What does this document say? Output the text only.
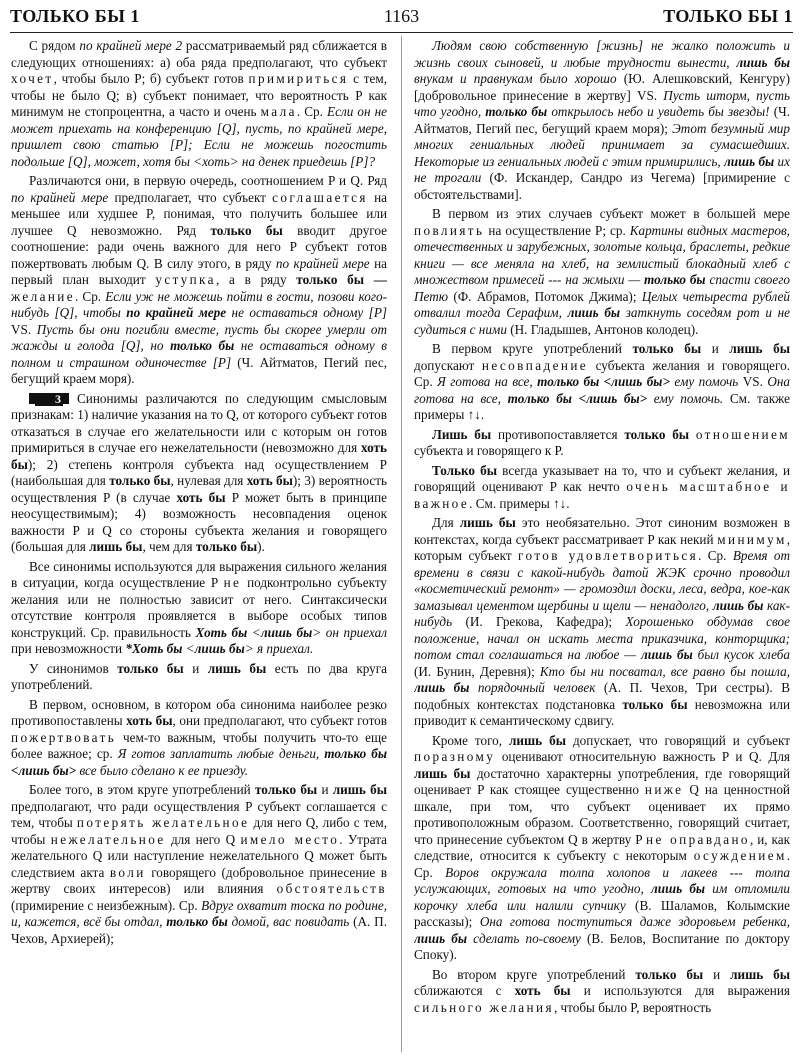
1163
ТОЛЬКО БЫ 1	ТОЛЬКО БЫ 1

С рядом по крайней мере 2 рассматриваемый ряд сближается в следующих отношениях: а) оба ряда предполагают, что субъект хочет, чтобы было P; б) субъект готов примириться с тем, чтобы не было Q; в) субъект понимает, что вероятность P как минимум не стопроцентна, а часто и очень мала. Ср. Если он не может приехать на конференцию [Q], пусть, по крайней мере, пришлет свою статью [P]; Если не можешь погостить подольше [Q], может, хотя бы <хоть> на денек приедешь [P]?

Различаются они, в первую очередь, соотношением P и Q. Ряд по крайней мере предполагает, что субъект соглашается на меньшее или худшее P, понимая, что получить большее или лучшее Q невозможно. Ряд только бы вводит другое соотношение: ради очень важного для него P субъект готов пожертвовать любым Q. В силу этого, в ряду по крайней мере на первый план выходит уступка, а в ряду только бы — желание. Ср. Если уж не можешь пойти в гости, позови кого-нибудь [Q], чтобы по крайней мере не оставаться одному [P] VS. Пусть бы они погибли вместе, пусть бы скорее умерли от жажды и голода [Q], но только бы не оставаться одному в полном и страшном одиночестве [P] (Ч. Айтматов, Пегий пес, бегущий краем моря).

3 Синонимы различаются по следующим смысловым признакам: 1) наличие указания на то Q, от которого субъект готов отказаться в случае его желательности или с которым он готов примириться в случае его нежелательности (невозможно для хоть бы); 2) степень контроля субъекта над осуществлением P (наибольшая для только бы, нулевая для хоть бы); 3) вероятность осуществления P (в случае хоть бы P может быть в принципе неосуществимым); 4) возможность несовпадения оценок важности P и Q со стороны субъекта желания и говорящего (большая для лишь бы, чем для только бы).

Все синонимы используются для выражения сильного желания в ситуации, когда осуществление P не подконтрольно субъекту желания или не полностью зависит от него. Синтаксически отсутствие контроля проявляется в выборе особых типов конструкций. Ср. правильность Хоть бы <лишь бы> он приехал при невозможности *Хоть бы <лишь бы> я приехал.

У синонимов только бы и лишь бы есть по два круга употреблений.

В первом, основном, в котором оба синонима наиболее резко противопоставлены хоть бы, они предполагают, что субъект готов пожертвовать чем-то важным, чтобы получить что-то еще более важное; ср. Я готов заплатить любые деньги, только бы <лишь бы> все было сделано к ее приезду.

Более того, в этом круге употреблений только бы и лишь бы предполагают, что ради осуществления P субъект соглашается с тем, чтобы потерять желательное для него Q, либо с тем, чтобы нежелательное для него Q имело место. Утрата желательного Q или наступление нежелательного Q может быть следствием акта воли говорящего (добровольное принесение в жертву своих интересов) или влияния обстоятельств (примирение с неизбежным). Ср. Вдруг охватит тоска по родине, и, кажется, всё бы отдал, только бы домой, вас повидать (А. П. Чехов, Архиерей);

Людям свою собственную [жизнь] не жалко положить и жизнь своих сыновей, и любые трудности вынести, лишь бы внукам и правнукам было хорошо (Ю. Алешковский, Кенгуру) [добровольное принесение в жертву] VS. Пусть шторм, пусть что угодно, только бы открылось небо и увидеть бы звезды! (Ч. Айтматов, Пегий пес, бегущий краем моря); Этот безумный мир многих гениальных людей принимает за сумасшедших. Некоторые из гениальных людей с этим примирились, лишь бы их не трогали (Ф. Искандер, Сандро из Чегема) [примирение с обстоятельствами].

В первом из этих случаев субъект может в большей мере повлиять на осуществление P; ср. Картины видных мастеров, отечественных и зарубежных, золотые кольца, браслеты, редкие книги — все меняла на хлеб, на землистый блокадный хлеб с множеством примесей --- на жмыхи — только бы спасти своего Петю (Ф. Абрамов, Потомок Джима); Целых четыреста рублей отвалил тогда Серафим, лишь бы заткнуть соседям рот и не судиться с ними (Н. Гладышев, Антонов колодец).

В первом круге употреблений только бы и лишь бы допускают несовпадение субъекта желания и говорящего. Ср. Я готова на все, только бы <лишь бы> ему помочь VS. Она готова на все, только бы <лишь бы> ему помочь. См. также примеры ↑↓.

Лишь бы противопоставляется только бы отношением субъекта и говорящего к P.

Только бы всегда указывает на то, что и субъект желания, и говорящий оценивают P как нечто очень масштабное и важное. См. примеры ↑↓.

Для лишь бы это необязательно. Этот синоним возможен в контекстах, когда субъект рассматривает P как некий минимум, которым субъект готов удовлетвориться. Ср. Время от времени в связи с какой-нибудь датой ЖЭК срочно проводил «косметический ремонт» — громоздил доски, леса, ведра, кое-как замазывал цементом щербины и щели — ненадолго, лишь бы как-нибудь (И. Грекова, Кафедра); Хорошенько обдумав свое положение, начал он искать места приказчика, конторщика; потом стал соглашаться на любое — лишь бы был кусок хлеба (И. Бунин, Деревня); Кто бы ни посватал, все равно бы пошла, лишь бы порядочный человек (А. П. Чехов, Три сестры). В подобных контекстах подстановка только бы невозможна или приводит к семантическому сдвигу.

Кроме того, лишь бы допускает, что говорящий и субъект поразному оценивают относительную важность P и Q. Для лишь бы достаточно характерны употребления, где говорящий оценивает P как стоящее существенно ниже Q на ценностной шкале, при том, что субъект оценивает их прямо противоположным образом. Соответственно, говорящий считает, что принесение субъектом Q в жертву P не оправдано, и, как следствие, относится к субъекту с некоторым осуждением. Ср. Воров окружала толпа холопов и лакеев --- толпа услужающих, готовых на что угодно, лишь бы им отломили корочку хлеба или налили супчику (В. Шаламов, Колымские рассказы); Она готова поступиться даже здоровьем ребенка, лишь бы сделать по-своему (В. Белов, Воспитание по доктору Споку).

Во втором круге употреблений только бы и лишь бы сближаются с хоть бы и используются для выражения сильного желания, чтобы было P, вероятность
